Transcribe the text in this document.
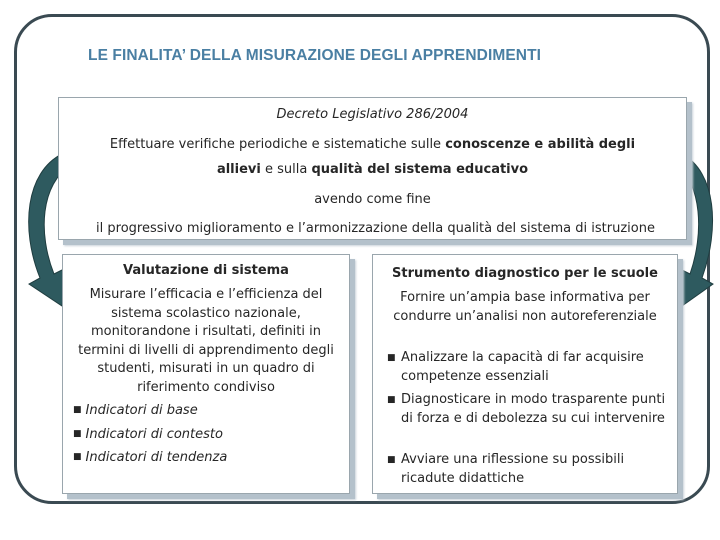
LE FINALITA’ DELLA MISURAZIONE DEGLI APPRENDIMENTI
Decreto Legislativo 286/2004
Effettuare verifiche periodiche e sistematiche sulle conoscenze e abilità degli
allievi e sulla qualità del sistema educativo
avendo come fine
il progressivo miglioramento e l’armonizzazione della qualità del sistema di istruzione
Valutazione di sistema
Misurare l’efficacia e l’efficienza del sistema scolastico nazionale, monitorandone i risultati, definiti in termini di livelli di apprendimento degli studenti, misurati in un quadro di riferimento condiviso
■ Indicatori di base
■ Indicatori di contesto
■ Indicatori di tendenza
Strumento diagnostico per le scuole
Fornire un’ampia base informativa per condurre un’analisi non autoreferenziale
■ Analizzare la capacità di far acquisire competenze essenziali
■ Diagnosticare in modo trasparente punti di forza e di debolezza su cui intervenire
■ Avviare una riflessione su possibili ricadute didattiche
